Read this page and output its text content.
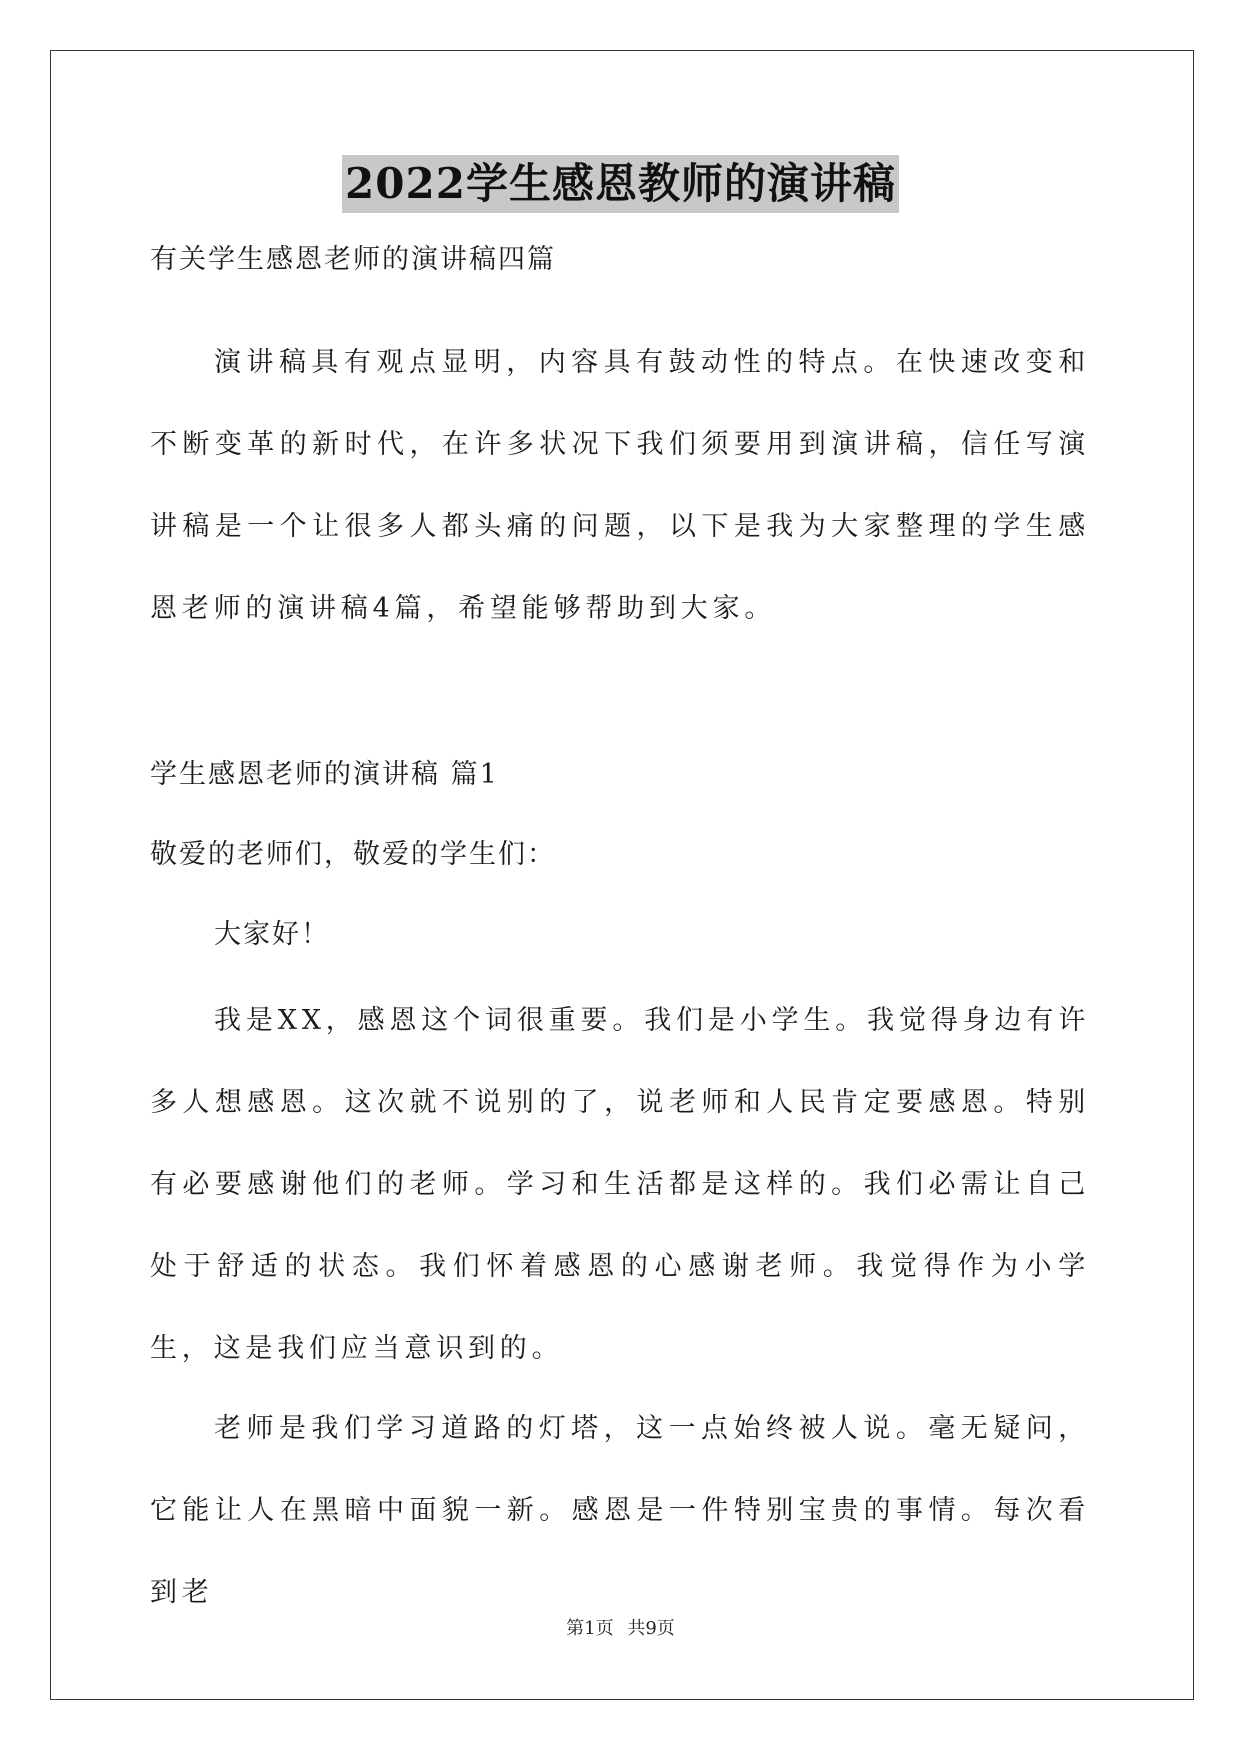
2022学生感恩教师的演讲稿

有关学生感恩老师的演讲稿四篇

演讲稿具有观点显明，内容具有鼓动性的特点。在快速改变和不断变革的新时代，在许多状况下我们须要用到演讲稿，信任写演讲稿是一个让很多人都头痛的问题，以下是我为大家整理的学生感恩老师的演讲稿4篇，希望能够帮助到大家。

学生感恩老师的演讲稿 篇1

敬爱的老师们，敬爱的学生们：

大家好！

我是XX，感恩这个词很重要。我们是小学生。我觉得身边有许多人想感恩。这次就不说别的了，说老师和人民肯定要感恩。特别有必要感谢他们的老师。学习和生活都是这样的。我们必需让自己处于舒适的状态。我们怀着感恩的心感谢老师。我觉得作为小学生，这是我们应当意识到的。

老师是我们学习道路的灯塔，这一点始终被人说。毫无疑问，它能让人在黑暗中面貌一新。感恩是一件特别宝贵的事情。每次看到老

第1页 共9页
